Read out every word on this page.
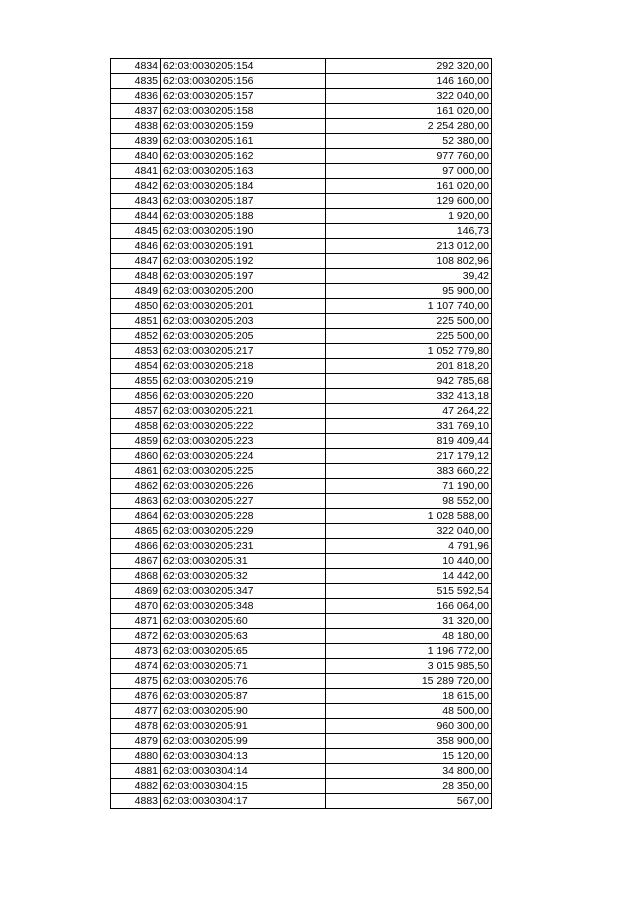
4834	62:03:0030205:154	292 320,00
4835	62:03:0030205:156	146 160,00
4836	62:03:0030205:157	322 040,00
4837	62:03:0030205:158	161 020,00
4838	62:03:0030205:159	2 254 280,00
4839	62:03:0030205:161	52 380,00
4840	62:03:0030205:162	977 760,00
4841	62:03:0030205:163	97 000,00
4842	62:03:0030205:184	161 020,00
4843	62:03:0030205:187	129 600,00
4844	62:03:0030205:188	1 920,00
4845	62:03:0030205:190	146,73
4846	62:03:0030205:191	213 012,00
4847	62:03:0030205:192	108 802,96
4848	62:03:0030205:197	39,42
4849	62:03:0030205:200	95 900,00
4850	62:03:0030205:201	1 107 740,00
4851	62:03:0030205:203	225 500,00
4852	62:03:0030205:205	225 500,00
4853	62:03:0030205:217	1 052 779,80
4854	62:03:0030205:218	201 818,20
4855	62:03:0030205:219	942 785,68
4856	62:03:0030205:220	332 413,18
4857	62:03:0030205:221	47 264,22
4858	62:03:0030205:222	331 769,10
4859	62:03:0030205:223	819 409,44
4860	62:03:0030205:224	217 179,12
4861	62:03:0030205:225	383 660,22
4862	62:03:0030205:226	71 190,00
4863	62:03:0030205:227	98 552,00
4864	62:03:0030205:228	1 028 588,00
4865	62:03:0030205:229	322 040,00
4866	62:03:0030205:231	4 791,96
4867	62:03:0030205:31	10 440,00
4868	62:03:0030205:32	14 442,00
4869	62:03:0030205:347	515 592,54
4870	62:03:0030205:348	166 064,00
4871	62:03:0030205:60	31 320,00
4872	62:03:0030205:63	48 180,00
4873	62:03:0030205:65	1 196 772,00
4874	62:03:0030205:71	3 015 985,50
4875	62:03:0030205:76	15 289 720,00
4876	62:03:0030205:87	18 615,00
4877	62:03:0030205:90	48 500,00
4878	62:03:0030205:91	960 300,00
4879	62:03:0030205:99	358 900,00
4880	62:03:0030304:13	15 120,00
4881	62:03:0030304:14	34 800,00
4882	62:03:0030304:15	28 350,00
4883	62:03:0030304:17	567,00
